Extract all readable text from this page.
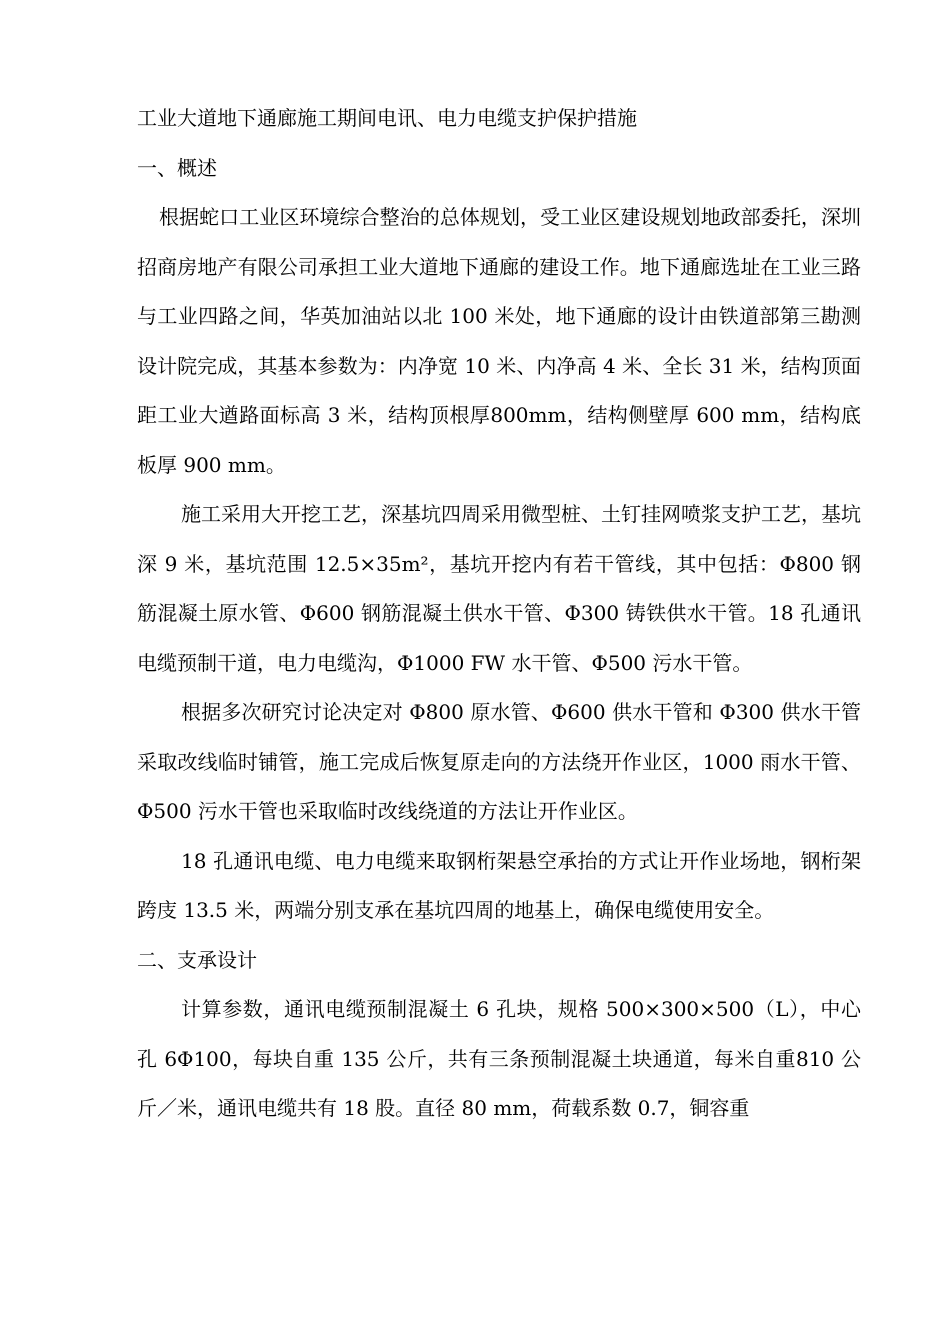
工业大道地下通廊施工期间电讯、电力电缆支护保护措施

一、概述

根据蛇口工业区环境综合整治的总体规划，受工业区建设规划地政部委托，深圳招商房地产有限公司承担工业大道地下通廊的建设工作。地下通廊选址在工业三路与工业四路之间，华英加油站以北 100 米处，地下通廊的设计由铁道部第三勘测设计院完成，其基本参数为：内净宽 10 米、内净高 4 米、全长 31 米，结构顶面距工业大遒路面标高 3 米，结构顶根厚800mm，结构侧壁厚 600 mm，结构底板厚 900 mm。

施工采用大开挖工艺，深基坑四周采用微型桩、土钉挂网喷浆支护工艺，基坑深 9 米，基坑范围 12.5×35m²，基坑开挖内有若干管线，其中包括：Φ800 钢筋混凝土原水管、Φ600 钢筋混凝土供水干管、Φ300 铸铁供水干管。18 孔通讯电缆预制干道，电力电缆沟，Φ1000 FW 水干管、Φ500 污水干管。

根据多次研究讨论决定对 Φ800 原水管、Φ600 供水干管和 Φ300 供水干管采取改线临时铺管，施工完成后恢复原走向的方法绕开作业区，1000 雨水干管、Φ500 污水干管也采取临时改线绕道的方法让开作业区。

18 孔通讯电缆、电力电缆来取钢桁架悬空承抬的方式让开作业场地，钢桁架跨庋 13.5 米，两端分别支承在基坑四周的地基上，确保电缆使用安全。

二、支承设计

计算参数，通讯电缆预制混凝土 6 孔块，规格 500×300×500（L），中心孔 6Φ100，每块自重 135 公斤，共有三条预制混凝土块通道，每米自重810 公斤／米，通讯电缆共有 18 股。直径 80 mm，荷载系数 0.7，铜容重
